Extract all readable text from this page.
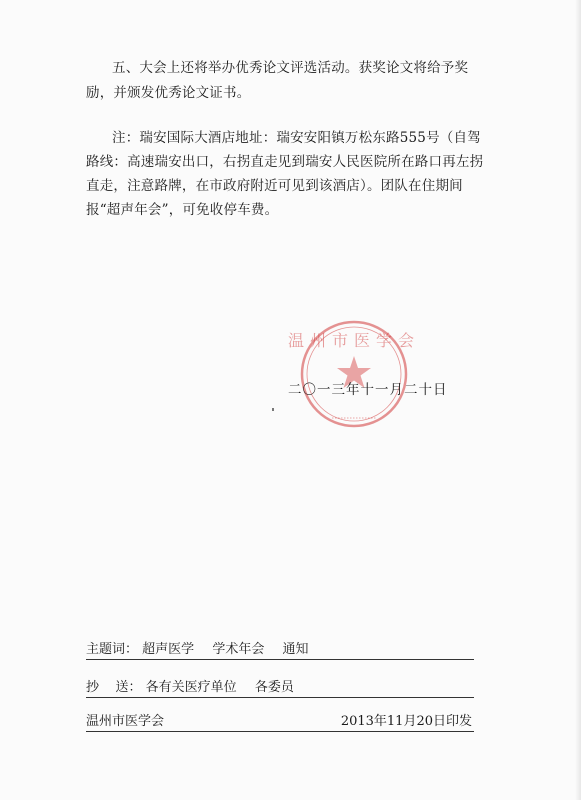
五、大会上还将举办优秀论文评选活动。获奖论文将给予奖励，并颁发优秀论文证书。

注：瑞安国际大酒店地址：瑞安安阳镇万松东路555号（自驾路线：高速瑞安出口，右拐直走见到瑞安人民医院所在路口再左拐直走，注意路牌，在市政府附近可见到该酒店）。团队在住期间报“超声年会”，可免收停车费。

温州市医学会
二〇一三年十一月二十日
主题词： 超声医学 学术年会 通知
抄    送： 各有关医疗单位 各委员
温州市医学会	2013年11月20日印发
